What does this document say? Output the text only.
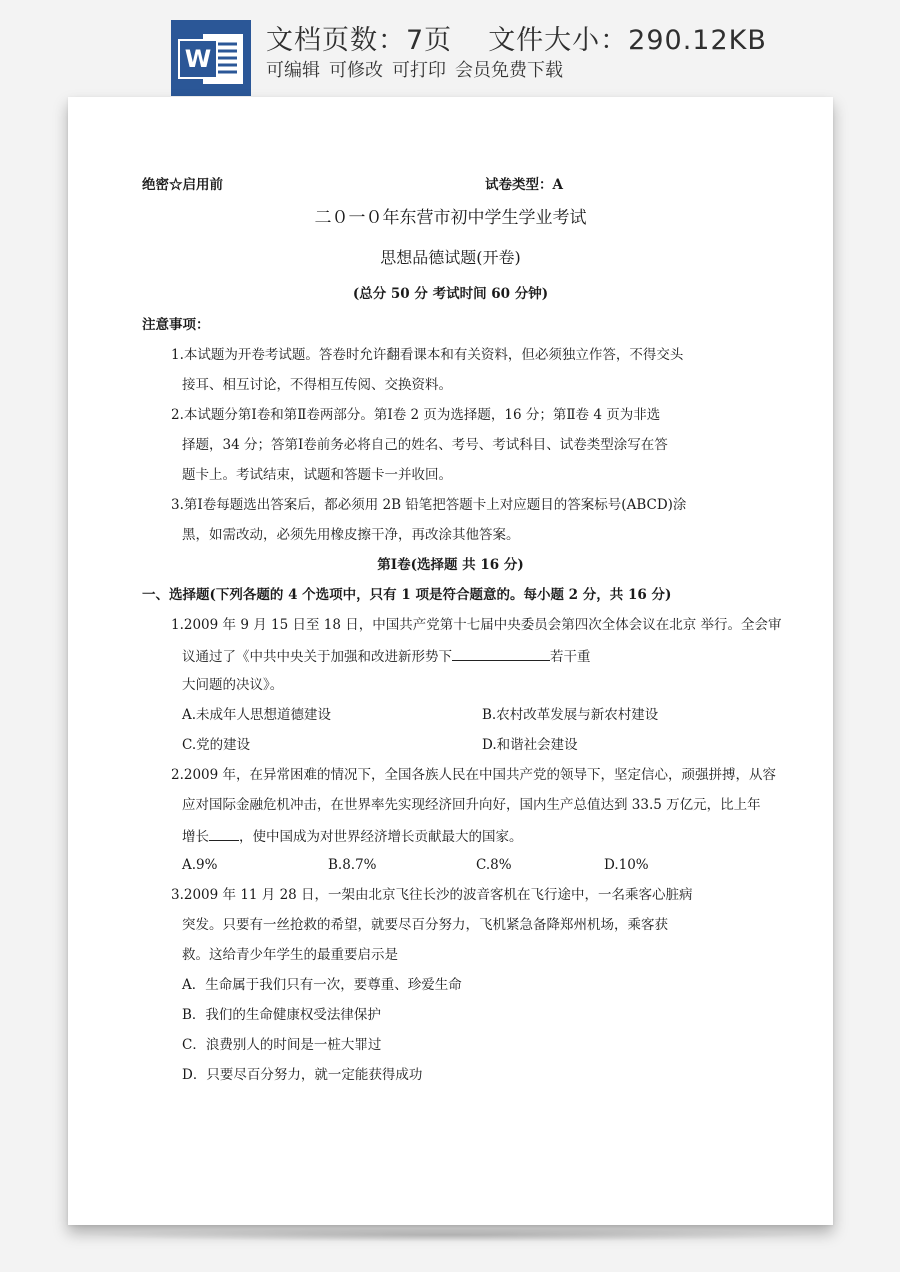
W
文档页数：7页 文件大小：290.12KB
可编辑 可修改 可打印 会员免费下载
绝密☆启用前	试卷类型：A
二０一０年东营市初中学生学业考试
思想品德试题(开卷)
(总分 50 分 考试时间 60 分钟)
注意事项：
1.本试题为开卷考试题。答卷时允许翻看课本和有关资料，但必须独立作答，不得交头
接耳、相互讨论，不得相互传阅、交换资料。
2.本试题分第Ⅰ卷和第Ⅱ卷两部分。第Ⅰ卷 2 页为选择题，16 分；第Ⅱ卷 4 页为非选
择题，34 分；答第Ⅰ卷前务必将自己的姓名、考号、考试科目、试卷类型涂写在答
题卡上。考试结束，试题和答题卡一并收回。
3.第Ⅰ卷每题选出答案后，都必须用 2B 铅笔把答题卡上对应题目的答案标号(ABCD)涂
黑，如需改动，必须先用橡皮擦干净，再改涂其他答案。
第Ⅰ卷(选择题 共 16 分)
一、选择题(下列各题的 4 个选项中，只有 1 项是符合题意的。每小题 2 分，共 16 分)
1.2009 年 9 月 15 日至 18 日，中国共产党第十七届中央委员会第四次全体会议在北京 举行。全会审
议通过了《中共中央关于加强和改进新形势下	若干重
大问题的决议》。
A.未成年人思想道德建设	B.农村改革发展与新农村建设
C.党的建设	D.和谐社会建设
2.2009 年，在异常困难的情况下，全国各族人民在中国共产党的领导下，坚定信心，顽强拼搏，从容
应对国际金融危机冲击，在世界率先实现经济回升向好，国内生产总值达到 33.5 万亿元，比上年
增长 ，使中国成为对世界经济增长贡献最大的国家。
A.9%	B.8.7%	C.8%	D.10%
3.2009 年 11 月 28 日，一架由北京飞往长沙的波音客机在飞行途中，一名乘客心脏病
突发。只要有一丝抢救的希望，就要尽百分努力，飞机紧急备降郑州机场，乘客获
救。这给青少年学生的最重要启示是
A．生命属于我们只有一次，要尊重、珍爱生命
B．我们的生命健康权受法律保护
C．浪费别人的时间是一桩大罪过
D．只要尽百分努力，就一定能获得成功
